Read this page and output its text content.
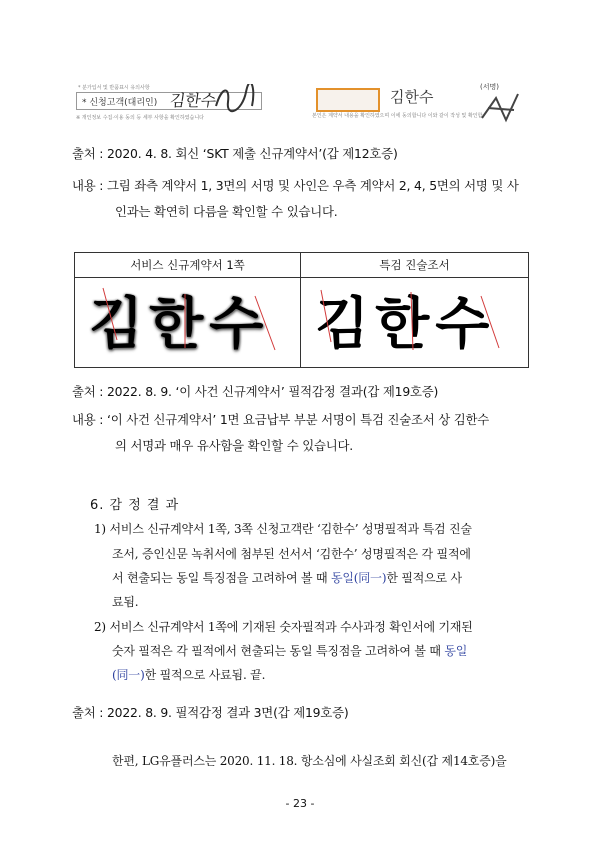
* 분가입서 및 반품표시 유의사항
* 신청고객(대리인) 김한수
※ 개인정보 수집·이용 동의 등 세부 사항을 확인하였습니다
김한수
(서명)
본인은 계약서 내용을 확인하였으며 이에 동의합니다 이와 같이 작성 및 확인함
출처 : 2020. 4. 8. 회신 ‘SKT 제출 신규계약서’(갑 제12호증)
내용 : 그림 좌측 계약서 1, 3면의 서명 및 사인은 우측 계약서 2, 4, 5면의 서명 및 사
인과는 확연히 다름을 확인할 수 있습니다.
서비스 신규계약서 1쪽	특검 진술조서
김한수 김한수
출처 : 2022. 8. 9. ‘이 사건 신규계약서’ 필적감정 결과(갑 제19호증)
내용 : ‘이 사건 신규계약서’ 1면 요금납부 부분 서명이 특검 진술조서 상 김한수
의 서명과 매우 유사함을 확인할 수 있습니다.
6. 감 정 결 과
1) 서비스 신규계약서 1쪽, 3쪽 신청고객란 ‘김한수’ 성명필적과 특검 진술
조서, 증인신문 녹취서에 첨부된 선서서 ‘김한수’ 성명필적은 각 필적에
서 현출되는 동일 특징점을 고려하여 볼 때 동일(同一)한 필적으로 사
료됨.
2) 서비스 신규계약서 1쪽에 기재된 숫자필적과 수사과정 확인서에 기재된
숫자 필적은 각 필적에서 현출되는 동일 특징점을 고려하여 볼 때 동일
(同一)한 필적으로 사료됨. 끝.
출처 : 2022. 8. 9. 필적감정 결과 3면(갑 제19호증)
한편, LG유플러스는 2020. 11. 18. 항소심에 사실조회 회신(갑 제14호증)을
- 23 -
